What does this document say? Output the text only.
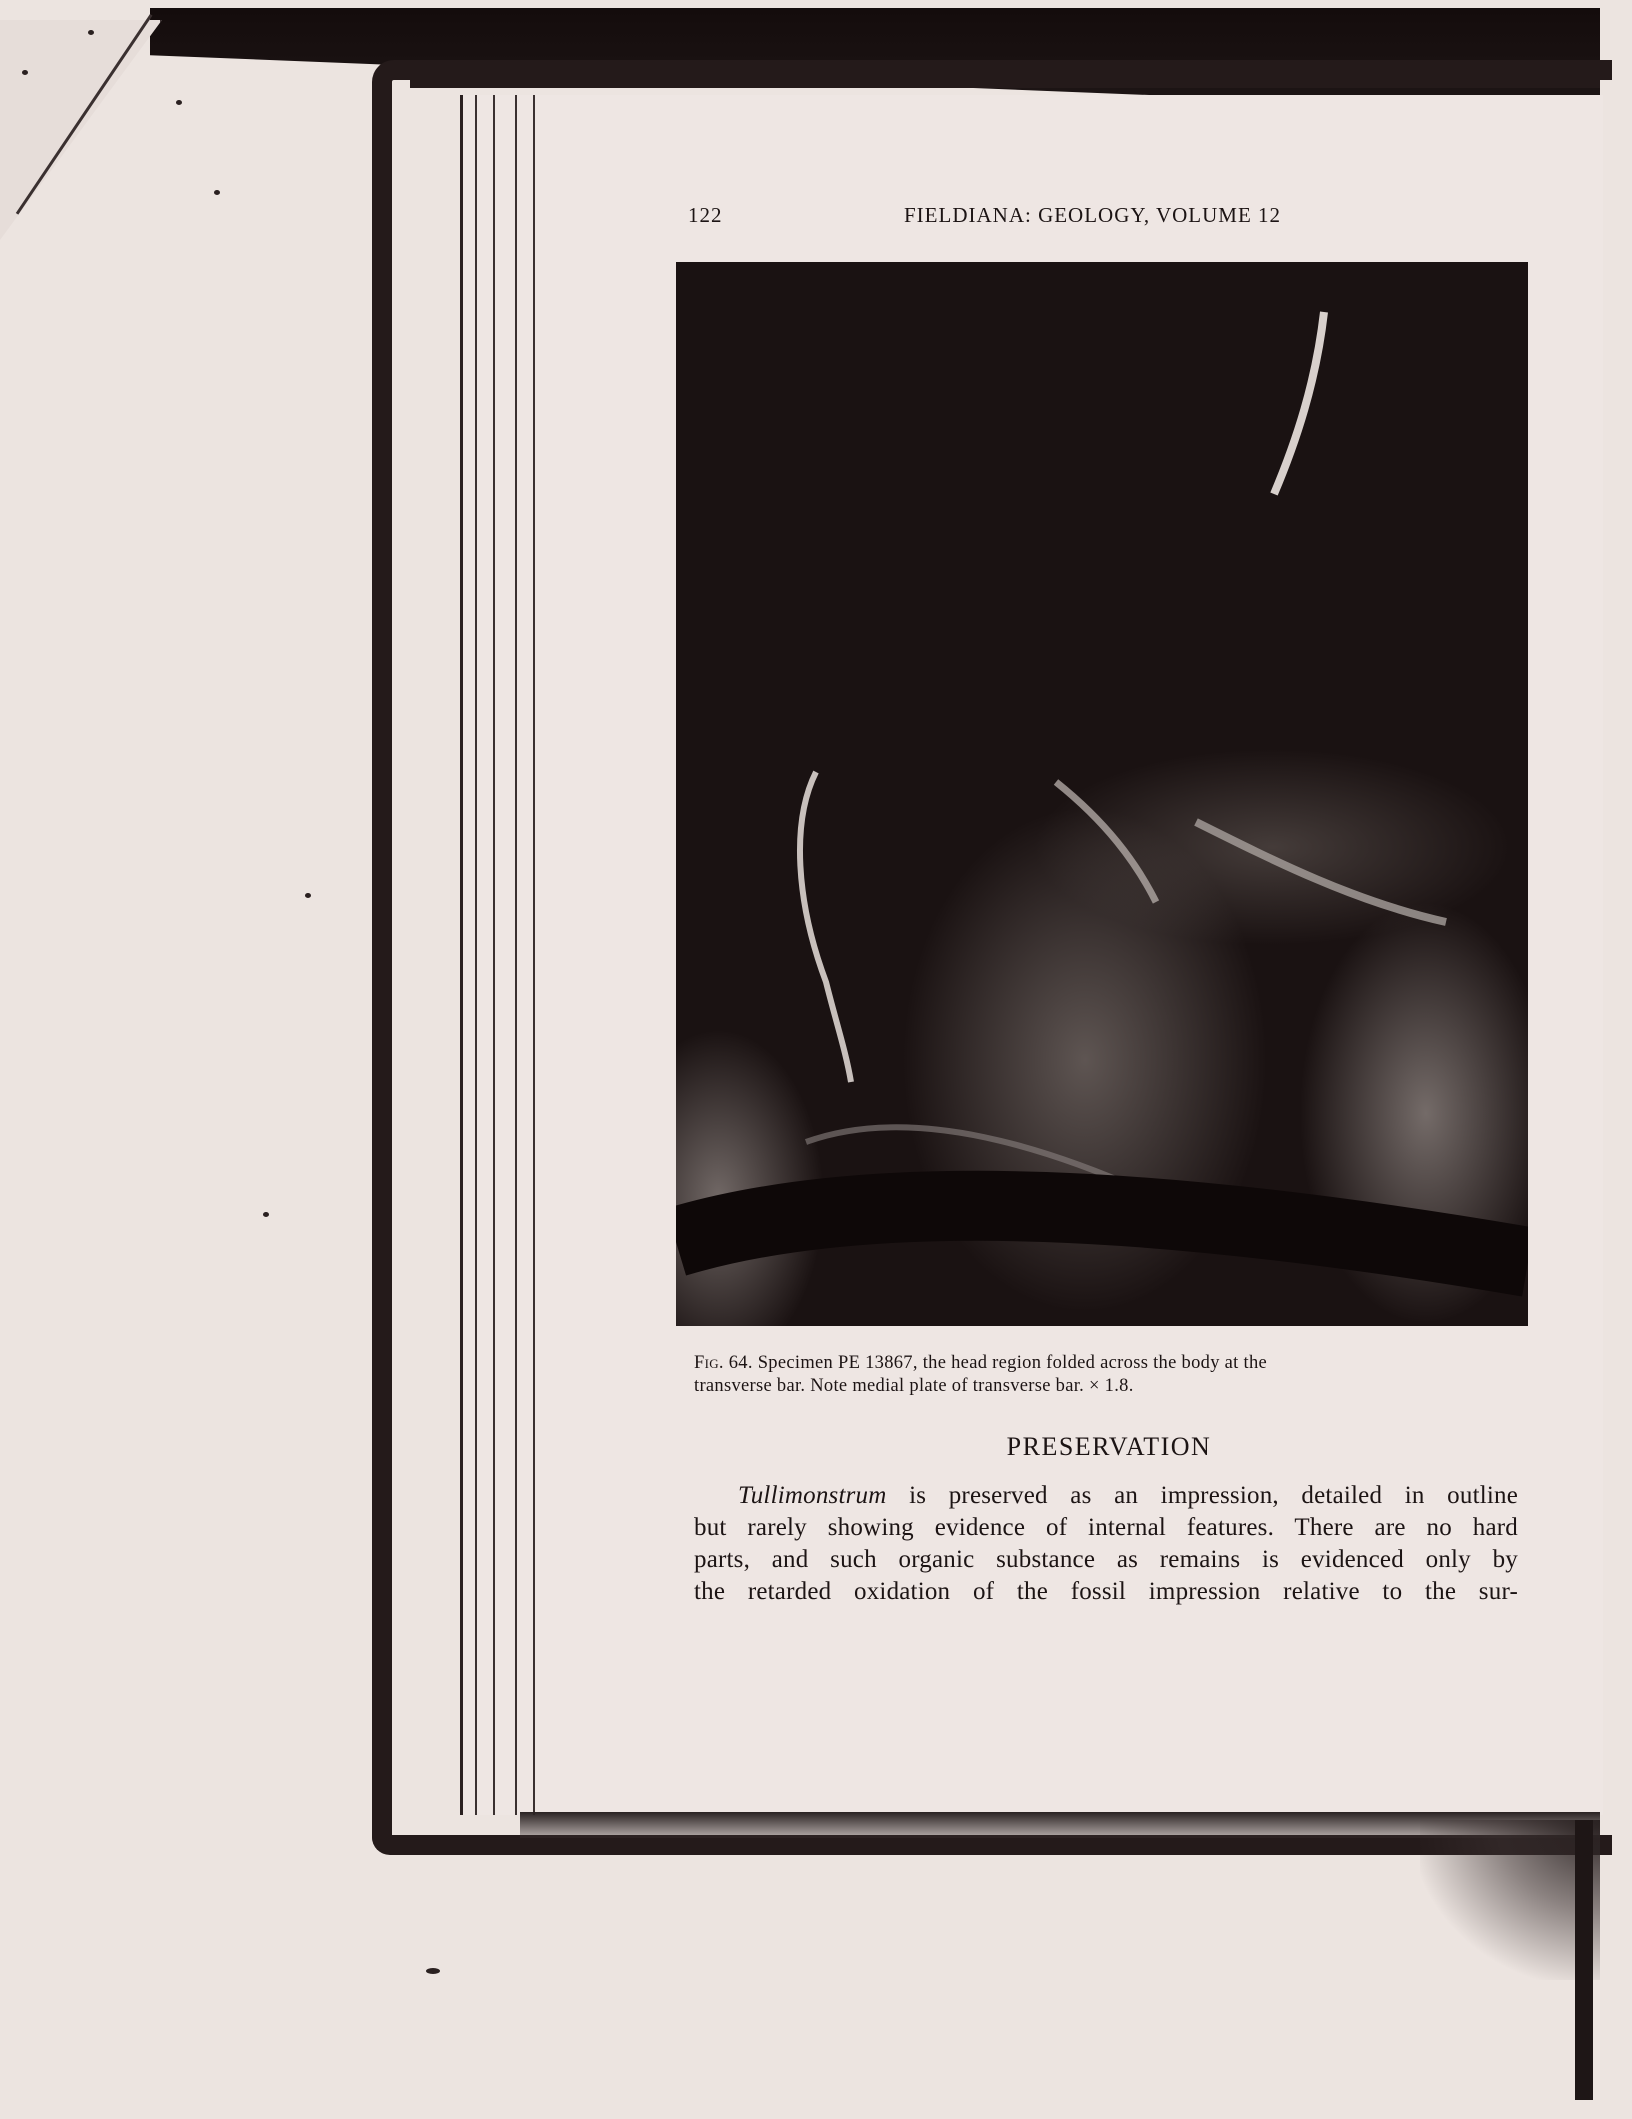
122	FIELDIANA: GEOLOGY, VOLUME 12
Fig. 64. Specimen PE 13867, the head region folded across the body at the
transverse bar. Note medial plate of transverse bar. × 1.8.
PRESERVATION
Tullimonstrum is preserved as an impression, detailed in outline
but rarely showing evidence of internal features. There are no hard
parts, and such organic substance as remains is evidenced only by
the retarded oxidation of the fossil impression relative to the sur-
